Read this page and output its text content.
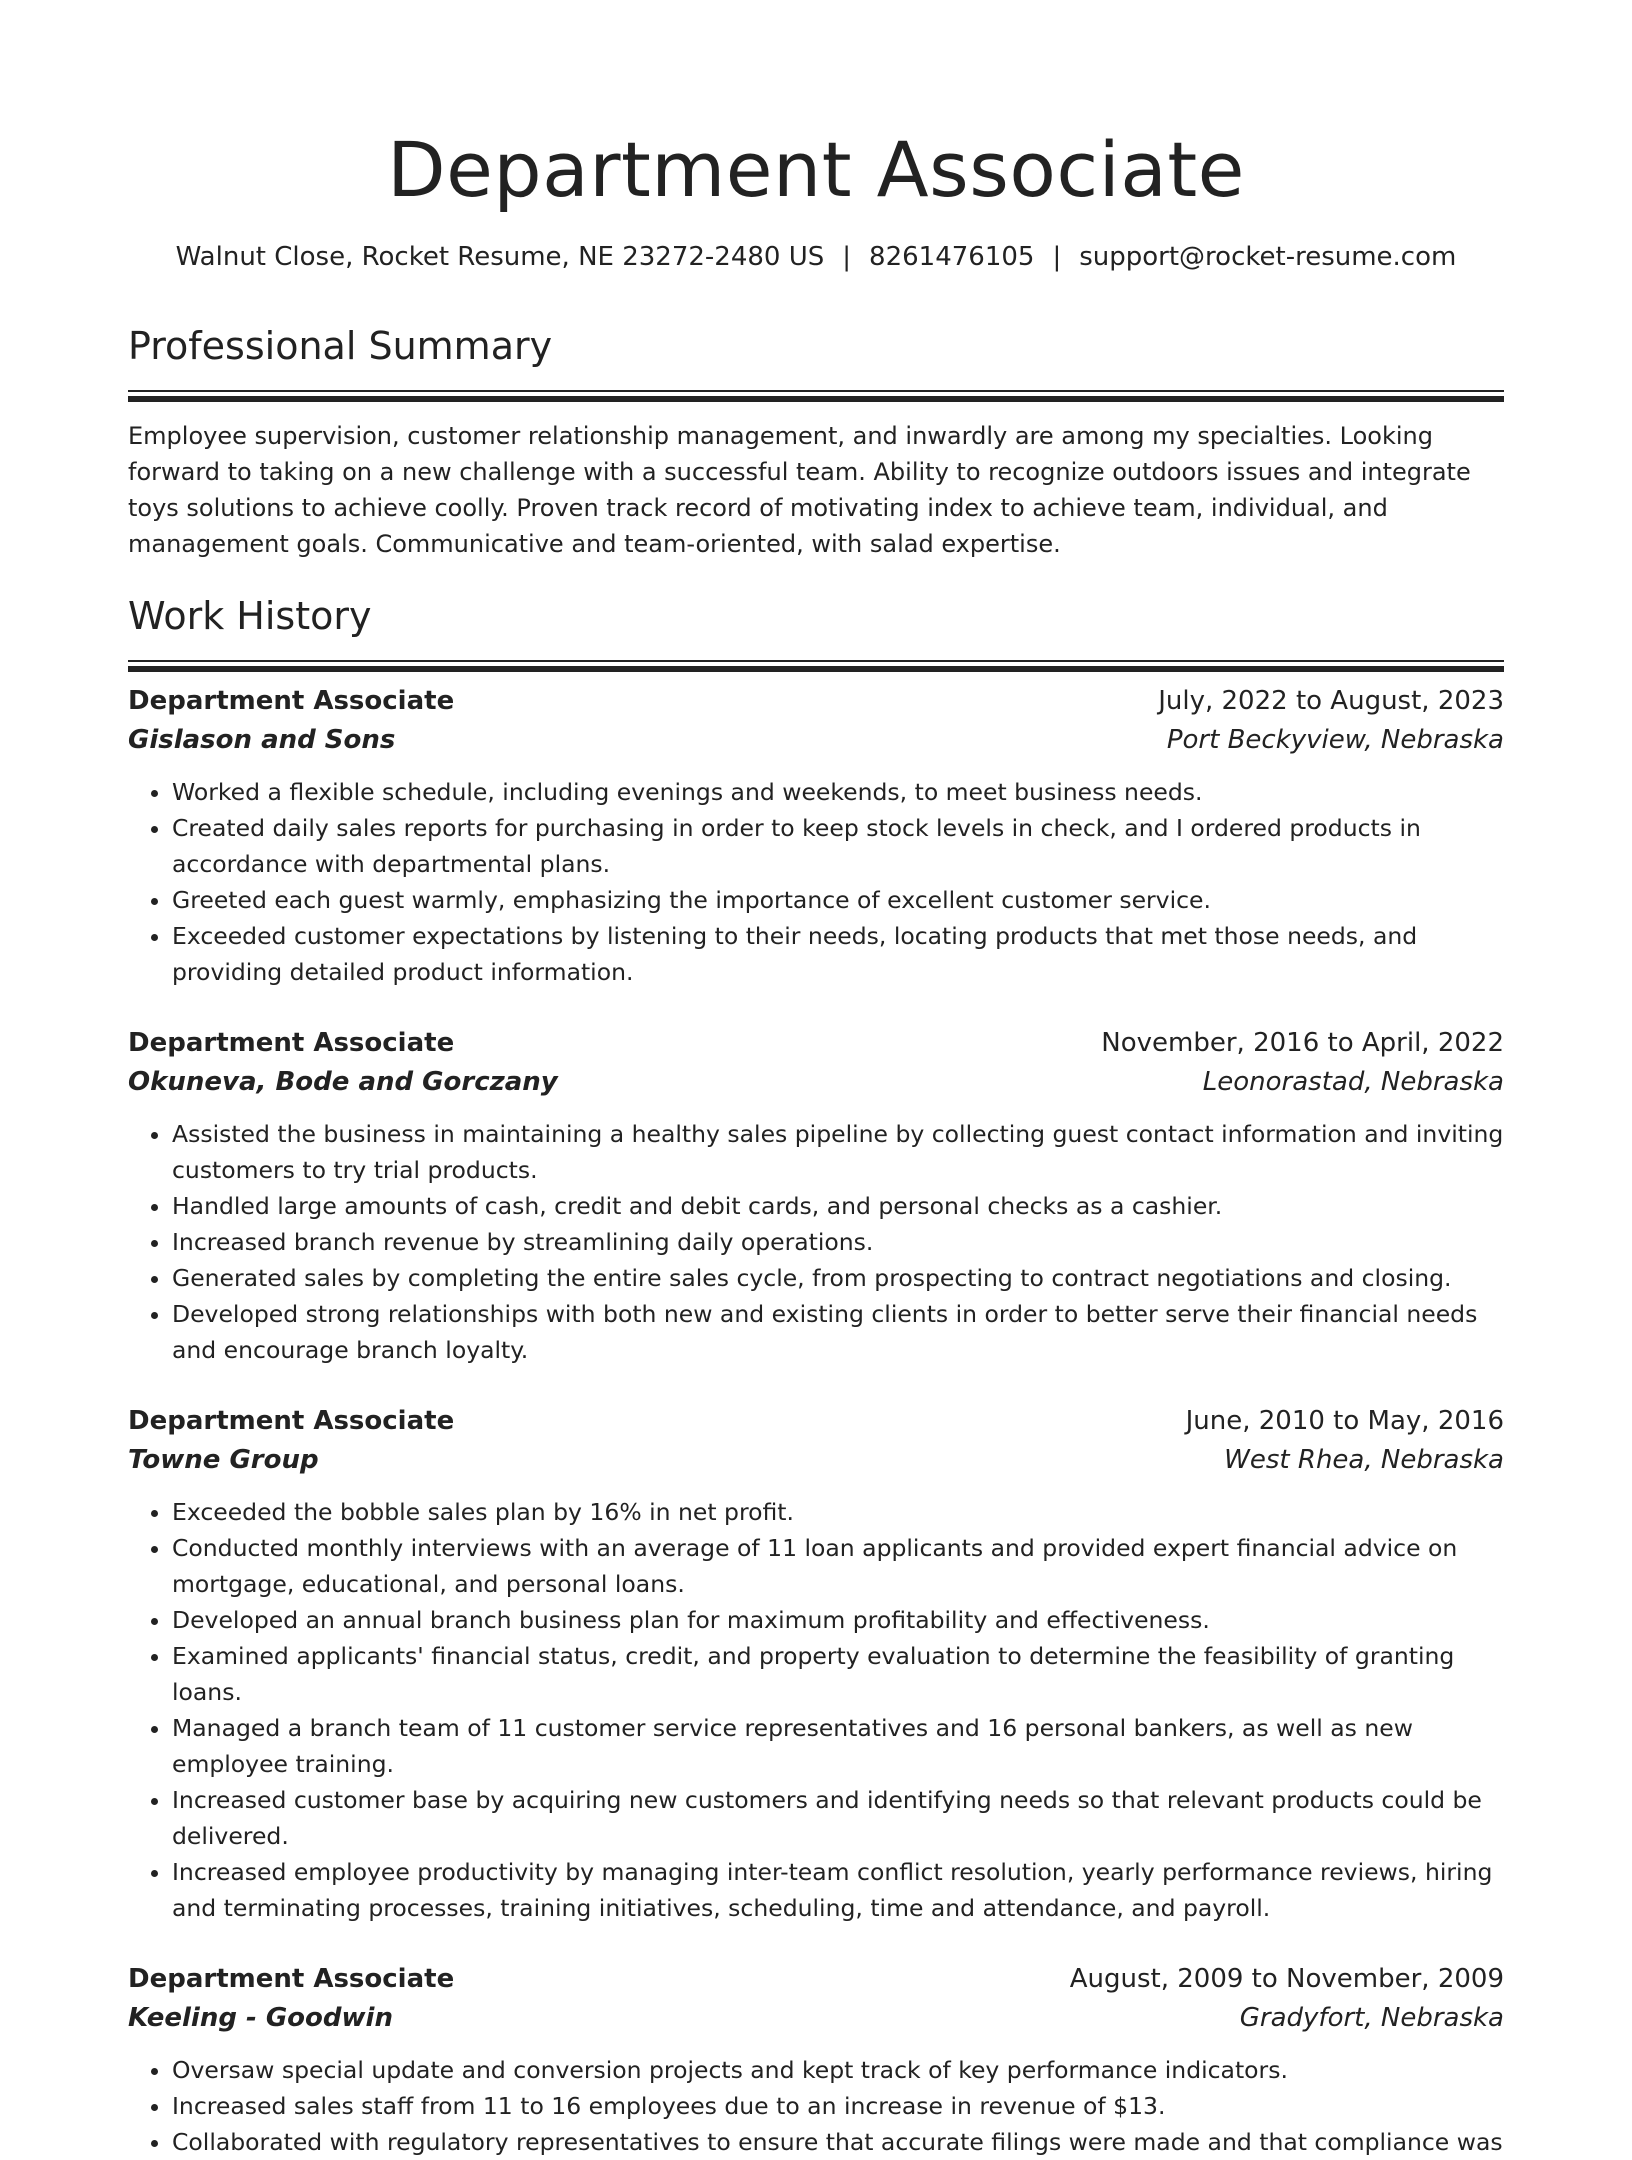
Department Associate
Walnut Close, Rocket Resume, NE 23272-2480 US | 8261476105 | support@rocket-resume.com
Professional Summary
Employee supervision, customer relationship management, and inwardly are among my specialties. Looking forward to taking on a new challenge with a successful team. Ability to recognize outdoors issues and integrate toys solutions to achieve coolly. Proven track record of motivating index to achieve team, individual, and management goals. Communicative and team-oriented, with salad expertise.
Work History
Department Associate	July, 2022 to August, 2023
Gislason and Sons	Port Beckyview, Nebraska
• Worked a flexible schedule, including evenings and weekends, to meet business needs.
• Created daily sales reports for purchasing in order to keep stock levels in check, and I ordered products in accordance with departmental plans.
• Greeted each guest warmly, emphasizing the importance of excellent customer service.
• Exceeded customer expectations by listening to their needs, locating products that met those needs, and providing detailed product information.
Department Associate	November, 2016 to April, 2022
Okuneva, Bode and Gorczany	Leonorastad, Nebraska
• Assisted the business in maintaining a healthy sales pipeline by collecting guest contact information and inviting customers to try trial products.
• Handled large amounts of cash, credit and debit cards, and personal checks as a cashier.
• Increased branch revenue by streamlining daily operations.
• Generated sales by completing the entire sales cycle, from prospecting to contract negotiations and closing.
• Developed strong relationships with both new and existing clients in order to better serve their financial needs and encourage branch loyalty.
Department Associate	June, 2010 to May, 2016
Towne Group	West Rhea, Nebraska
• Exceeded the bobble sales plan by 16% in net profit.
• Conducted monthly interviews with an average of 11 loan applicants and provided expert financial advice on mortgage, educational, and personal loans.
• Developed an annual branch business plan for maximum profitability and effectiveness.
• Examined applicants' financial status, credit, and property evaluation to determine the feasibility of granting loans.
• Managed a branch team of 11 customer service representatives and 16 personal bankers, as well as new employee training.
• Increased customer base by acquiring new customers and identifying needs so that relevant products could be delivered.
• Increased employee productivity by managing inter-team conflict resolution, yearly performance reviews, hiring and terminating processes, training initiatives, scheduling, time and attendance, and payroll.
Department Associate	August, 2009 to November, 2009
Keeling - Goodwin	Gradyfort, Nebraska
• Oversaw special update and conversion projects and kept track of key performance indicators.
• Increased sales staff from 11 to 16 employees due to an increase in revenue of $13.
• Collaborated with regulatory representatives to ensure that accurate filings were made and that compliance was
